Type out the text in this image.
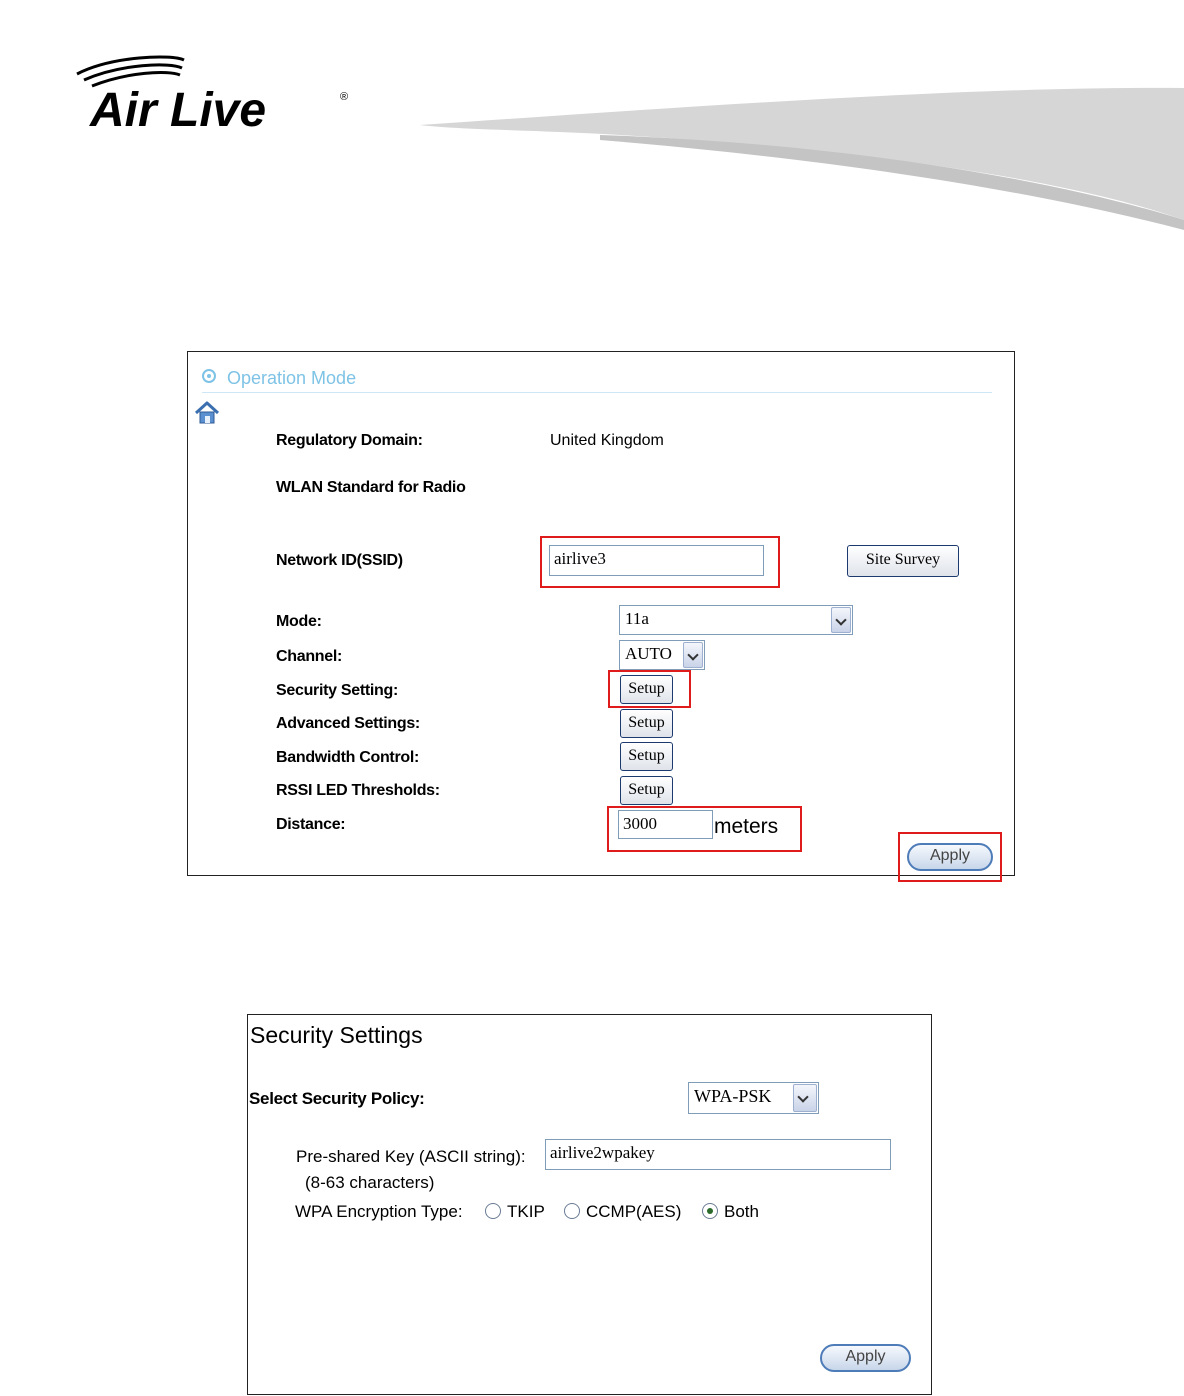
Air Live	®
Operation Mode
Regulatory Domain:	United Kingdom
WLAN Standard for Radio
Network ID(SSID)	airlive3	Site Survey
Mode:	11a
Channel:	AUTO
Security Setting:	Setup
Advanced Settings:	Setup
Bandwidth Control:	Setup
RSSI LED Thresholds:	Setup
Distance:	3000	meters
Apply
Security Settings
Select Security Policy:	WPA-PSK
Pre-shared Key (ASCII string): airlive2wpakey
(8-63 characters)
WPA Encryption Type:	TKIP CCMP(AES)	Both
Apply
